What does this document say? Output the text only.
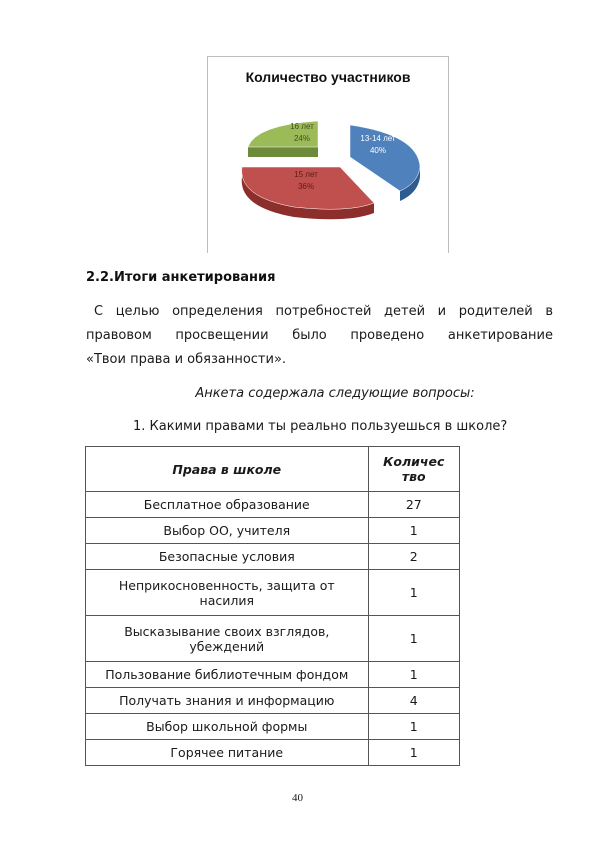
Количество участников
16 лет
24%	13-14 лет
40%
15 лет
36%
2.2.Итоги анкетирования
С целью определения потребностей детей и родителей в
правовом просвещении было проведено анкетирование
«Твои права и обязанности».
Анкета содержала следующие вопросы:
1. Какими правами ты реально пользуешься в школе?
Права в школе	Количес
тво

Бесплатное образование	27
Выбор ОО, учителя	1
Безопасные условия	2

Неприкосновенность, защита от
насилия	1

Высказывание своих взглядов,
убеждений	1
Пользование библиотечным фондом	1
Получать знания и информацию	4
Выбор школьной формы	1
Горячее питание	1
40
